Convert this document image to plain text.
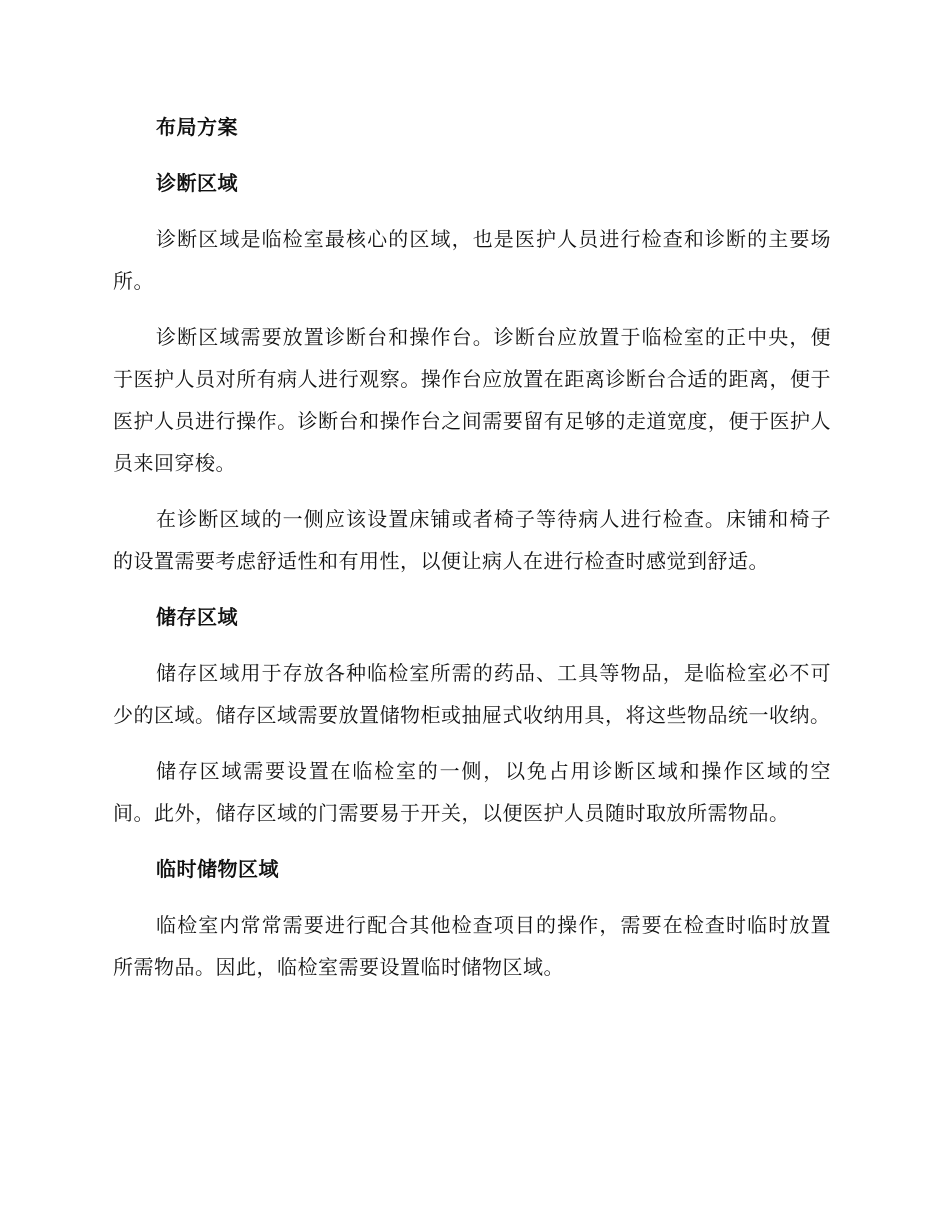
布局方案
诊断区域

诊断区域是临检室最核心的区域，也是医护人员进行检查和诊断的主要场所。

诊断区域需要放置诊断台和操作台。诊断台应放置于临检室的正中央，便于医护人员对所有病人进行观察。操作台应放置在距离诊断台合适的距离，便于医护人员进行操作。诊断台和操作台之间需要留有足够的走道宽度，便于医护人员来回穿梭。

在诊断区域的一侧应该设置床铺或者椅子等待病人进行检查。床铺和椅子的设置需要考虑舒适性和有用性，以便让病人在进行检查时感觉到舒适。

储存区域

储存区域用于存放各种临检室所需的药品、工具等物品，是临检室必不可少的区域。储存区域需要放置储物柜或抽屉式收纳用具，将这些物品统一收纳。

储存区域需要设置在临检室的一侧，以免占用诊断区域和操作区域的空间。此外，储存区域的门需要易于开关，以便医护人员随时取放所需物品。

临时储物区域

临检室内常常需要进行配合其他检查项目的操作，需要在检查时临时放置所需物品。因此，临检室需要设置临时储物区域。
